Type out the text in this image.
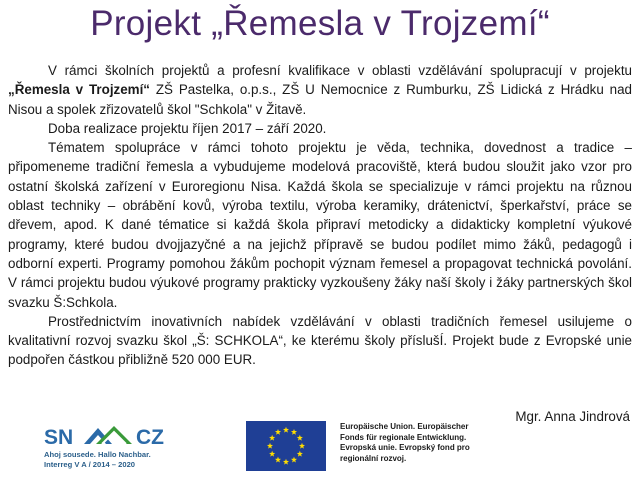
Projekt „Řemesla v Trojzemí“

V rámci školních projektů a profesní kvalifikace v oblasti vzdělávání spolupracují v projektu „Řemesla v Trojzemí“ ZŠ Pastelka, o.p.s., ZŠ U Nemocnice z Rumburku, ZŠ Lidická z Hrádku nad Nisou a spolek zřizovatelů škol "Schkola" v Žitavě.

Doba realizace projektu říjen 2017 – září 2020.

Tématem spolupráce v rámci tohoto projektu je věda, technika, dovednost a tradice – připomeneme tradiční řemesla a vybudujeme modelová pracoviště, která budou sloužit jako vzor pro ostatní školská zařízení v Euroregionu Nisa. Každá škola se specializuje v rámci projektu na různou oblast techniky – obrábění kovů, výroba textilu, výroba keramiky, drátenictví, šperkařství, práce se dřevem, apod. K dané tématice si každá škola připraví metodicky a didakticky kompletní výukové programy, které budou dvojjazyčné a na jejichž přípravě se budou podílet mimo žáků, pedagogů i odborní experti. Programy pomohou žákům pochopit význam řemesel a propagovat technická povolání. V rámci projektu budou výukové programy prakticky vyzkoušeny žáky naší školy i žáky partnerských škol svazku Š:Schkola.

Prostřednictvím inovativních nabídek vzdělávání v oblasti tradičních řemesel usilujeme o kvalitativní rozvoj svazku škol „Š: SCHKOLA“, ke kterému školy příslušÍ. Projekt bude z Evropské unie podpořen částkou přibližně 520 000 EUR.

Mgr. Anna Jindrová
SN	CZ
Ahoj sousede. Hallo Nachbar.
Interreg V A / 2014 – 2020
Europäische Union. Europäischer
Fonds für regionale Entwicklung.
Evropská unie. Evropský fond pro
regionální rozvoj.
